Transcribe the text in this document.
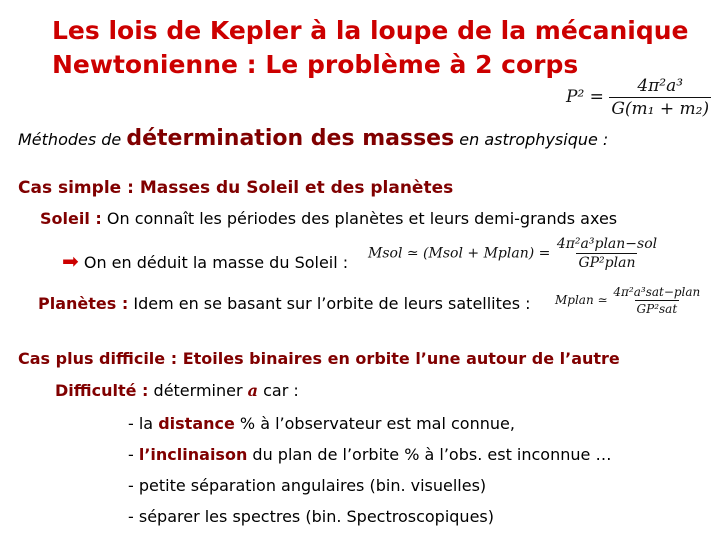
Les lois de Kepler à la loupe de la mécanique
Newtonienne : Le problème à 2 corps
$P^2 = \frac{\text{4π²a³}}{\text{G(m₁ + m₂)}}$
Méthodes de détermination des masses en astrophysique :
Cas simple : Masses du Soleil et des planètes
Soleil : On connaît les périodes des planètes et leurs demi-grands axes
➡ On en déduit la masse du Soleil : Msol ≃ (Msol + Mplan) = $\frac{\text{4π²a³plan−sol}}{\text{GP²plan}}$
Planètes : Idem en se basant sur l’orbite de leurs satellites : Mplan ≃ $\frac{\text{4π²a³sat−plan}}{\text{GP²sat}}$
Cas plus difficile : Etoiles binaires en orbite l’une autour de l’autre
Difficulté : déterminer a car :
- la distance % à l’observateur est mal connue,
- l’inclinaison du plan de l’orbite % à l’obs. est inconnue …
- petite séparation angulaires (bin. visuelles)
- séparer les spectres (bin. Spectroscopiques)
